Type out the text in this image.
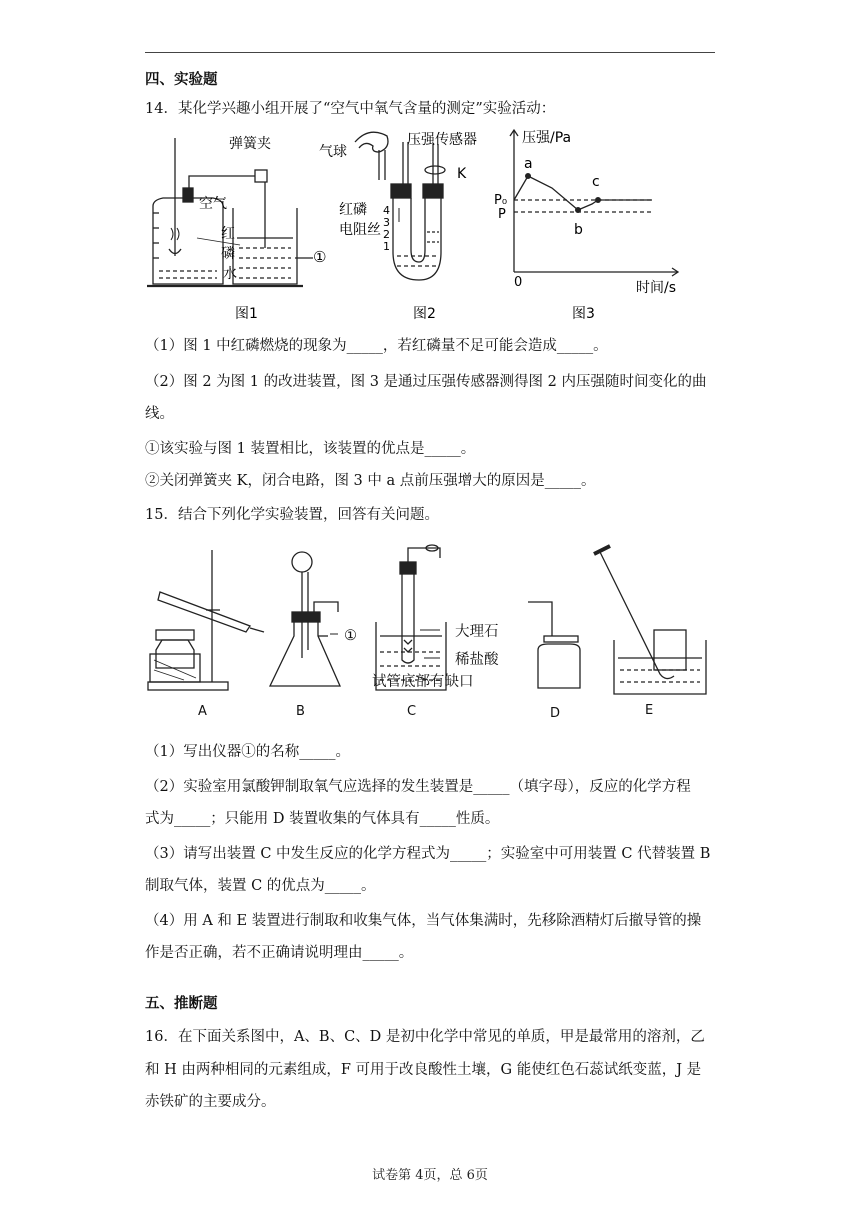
四、实验题
14．某化学兴趣小组开展了“空气中氧气含量的测定”实验活动：
弹簧夹
空气
红
磷
水
①
图1
压强传感器
气球
K
红磷
电阻丝
4
3
2
1
图2
压强/Pa
时间/s
0
P₀
P
a
b
c
图3
（1）图 1 中红磷燃烧的现象为_____，若红磷量不足可能会造成_____。
（2）图 2 为图 1 的改进装置，图 3 是通过压强传感器测得图 2 内压强随时间变化的曲
线。
①该实验与图 1 装置相比，该装置的优点是_____。
②关闭弹簧夹 K，闭合电路，图 3 中 a 点前压强增大的原因是_____。
15．结合下列化学实验装置，回答有关问题。
①	大理石
稀盐酸
试管底部有缺口
A	B	C	D	E
（1）写出仪器①的名称_____。
（2）实验室用氯酸钾制取氧气应选择的发生装置是_____（填字母），反应的化学方程
式为_____；只能用 D 装置收集的气体具有_____性质。
（3）请写出装置 C 中发生反应的化学方程式为_____；实验室中可用装置 C 代替装置 B
制取气体，装置 C 的优点为_____。
（4）用 A 和 E 装置进行制取和收集气体，当气体集满时，先移除酒精灯后撤导管的操
作是否正确，若不正确请说明理由_____。
五、推断题
16．在下面关系图中，A、B、C、D 是初中化学中常见的单质，甲是最常用的溶剂，乙
和 H 由两种相同的元素组成，F 可用于改良酸性土壤，G 能使红色石蕊试纸变蓝，J 是
赤铁矿的主要成分。
试卷第 4页，总 6页
